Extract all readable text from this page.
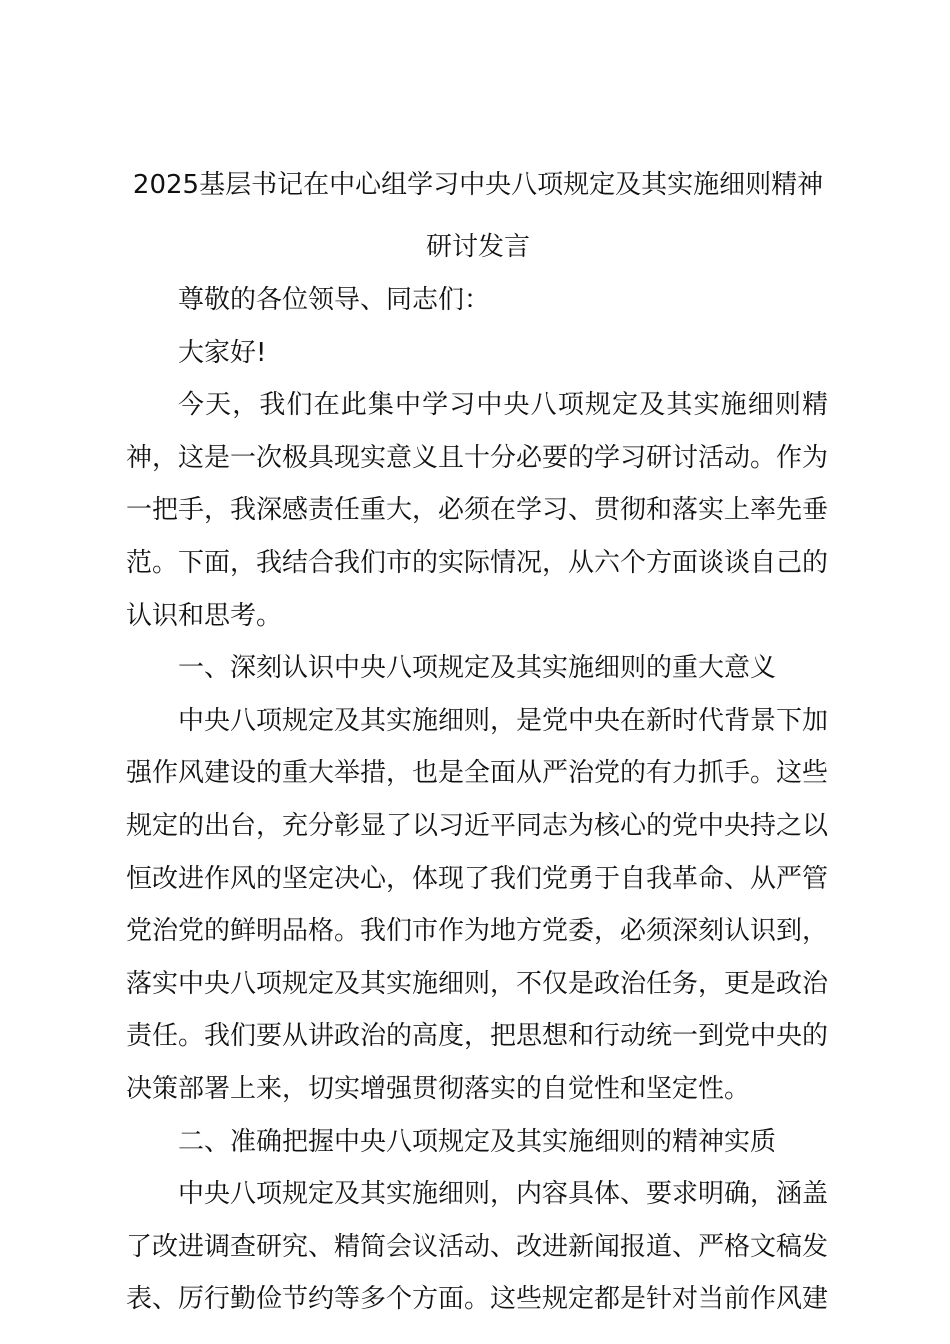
2025基层书记在中心组学习中央八项规定及其实施细则精神研讨发言

尊敬的各位领导、同志们：

大家好!

今天，我们在此集中学习中央八项规定及其实施细则精神，这是一次极具现实意义且十分必要的学习研讨活动。作为一把手，我深感责任重大，必须在学习、贯彻和落实上率先垂范。下面，我结合我们市的实际情况，从六个方面谈谈自己的认识和思考。

一、深刻认识中央八项规定及其实施细则的重大意义

中央八项规定及其实施细则，是党中央在新时代背景下加强作风建设的重大举措，也是全面从严治党的有力抓手。这些规定的出台，充分彰显了以习近平同志为核心的党中央持之以恒改进作风的坚定决心，体现了我们党勇于自我革命、从严管党治党的鲜明品格。我们市作为地方党委，必须深刻认识到，落实中央八项规定及其实施细则，不仅是政治任务，更是政治责任。我们要从讲政治的高度，把思想和行动统一到党中央的决策部署上来，切实增强贯彻落实的自觉性和坚定性。

二、准确把握中央八项规定及其实施细则的精神实质

中央八项规定及其实施细则，内容具体、要求明确，涵盖了改进调查研究、精简会议活动、改进新闻报道、严格文稿发表、厉行勤俭节约等多个方面。这些规定都是针对当前作风建
